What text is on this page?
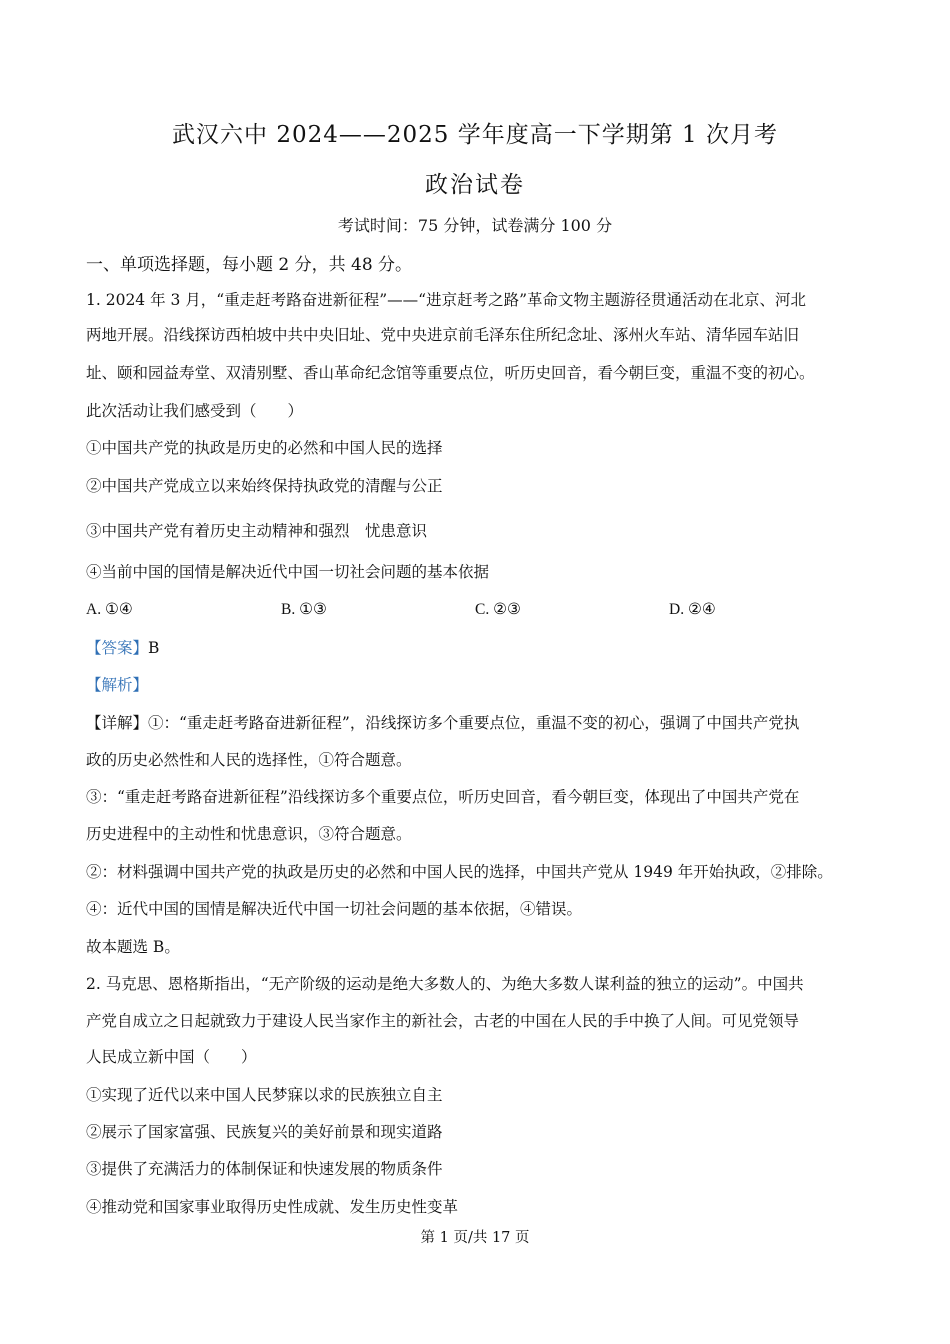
武汉六中 2024——2025 学年度高一下学期第 1 次月考
政治试卷
考试时间：75 分钟，试卷满分 100 分
一、单项选择题，每小题 2 分，共 48 分。
1. 2024 年 3 月，“重走赶考路奋进新征程”——“进京赶考之路”革命文物主题游径贯通活动在北京、河北
两地开展。沿线探访西柏坡中共中央旧址、党中央进京前毛泽东住所纪念址、涿州火车站、清华园车站旧
址、颐和园益寿堂、双清别墅、香山革命纪念馆等重要点位，听历史回音，看今朝巨变，重温不变的初心。
此次活动让我们感受到（　　）
①中国共产党的执政是历史的必然和中国人民的选择
②中国共产党成立以来始终保持执政党的清醒与公正
③中国共产党有着历史主动精神和强烈　忧患意识
④当前中国的国情是解决近代中国一切社会问题的基本依据
A. ①④	B. ①③	C. ②③	D. ②④
【答案】B
【解析】
【详解】①：“重走赶考路奋进新征程”，沿线探访多个重要点位，重温不变的初心，强调了中国共产党执
政的历史必然性和人民的选择性，①符合题意。
③：“重走赶考路奋进新征程”沿线探访多个重要点位，听历史回音，看今朝巨变，体现出了中国共产党在
历史进程中的主动性和忧患意识，③符合题意。
②：材料强调中国共产党的执政是历史的必然和中国人民的选择，中国共产党从 1949 年开始执政，②排除。
④：近代中国的国情是解决近代中国一切社会问题的基本依据，④错误。
故本题选 B。
2. 马克思、恩格斯指出，“无产阶级的运动是绝大多数人的、为绝大多数人谋利益的独立的运动”。中国共
产党自成立之日起就致力于建设人民当家作主的新社会，古老的中国在人民的手中换了人间。可见党领导
人民成立新中国（　　）
①实现了近代以来中国人民梦寐以求的民族独立自主
②展示了国家富强、民族复兴的美好前景和现实道路
③提供了充满活力的体制保证和快速发展的物质条件
④推动党和国家事业取得历史性成就、发生历史性变革
第 1 页/共 17 页
